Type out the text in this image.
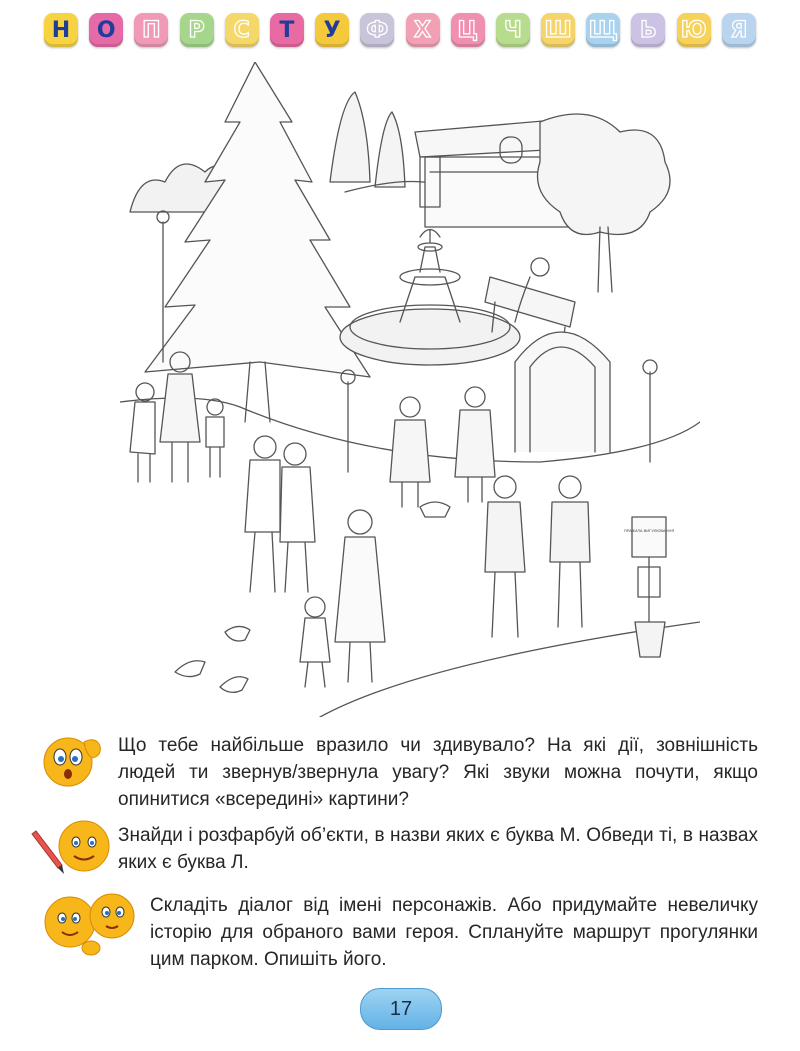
Н	О	П	Р	С	Т	У	Ф	Х	Ц	Ч	Ш Щ	Ь	Ю	Я
ПРАВИЛА ВИГУЛЮВАННЯ

Що тебе найбільше вразило чи здивувало? На які дії, зовнішність людей ти звернув/звернула увагу? Які звуки можна почути, якщо опинитися «всередині» картини?

Знайди і розфарбуй об’єкти, в назви яких є буква М. Обведи ті, в назвах яких є буква Л.

Складіть діалог від імені персонажів. Або придумайте невеличку історію для обраного вами героя. Сплануйте маршрут прогулянки цим парком. Опишіть його.

17
